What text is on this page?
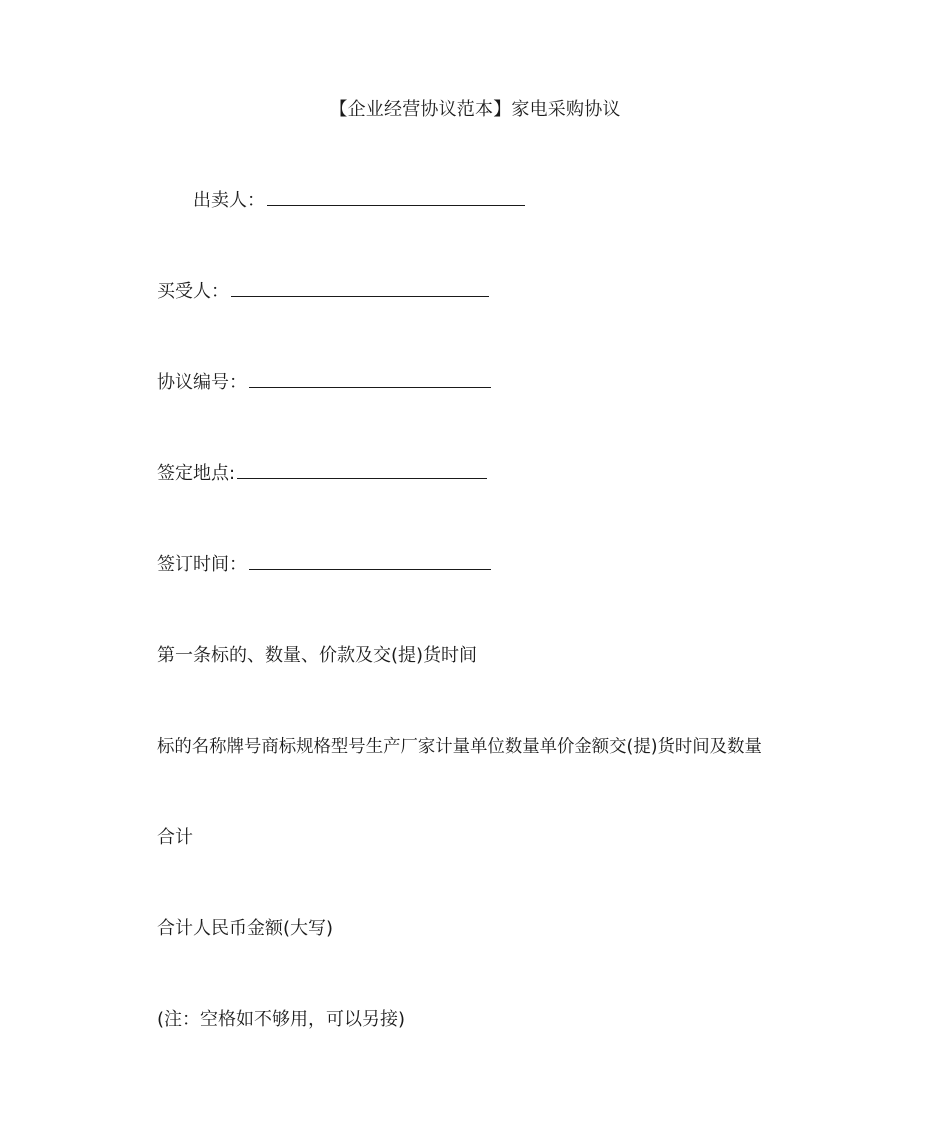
【企业经营协议范本】家电采购协议
出卖人：
买受人：
协议编号：
签定地点:
签订时间：
第一条标的、数量、价款及交(提)货时间
标的名称牌号商标规格型号生产厂家计量单位数量单价金额交(提)货时间及数量
合计
合计人民币金额(大写)
(注：空格如不够用，可以另接)
